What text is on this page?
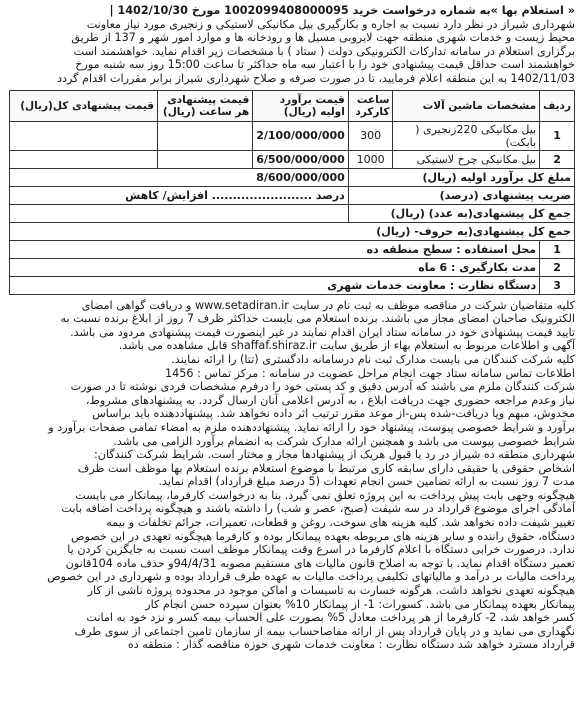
« استعلام بها »به شماره درخواست خرید 1002099408000095 مورخ 1402/10/30 |

شهرداری شیراز در نظر دارد نسبت به اجاره و بکارگیری بیل مکانیکی لاستیکی و زنجیری مورد نیاز معاونت

محیط زیست و خدمات شهری منطقه جهت لایروبی مسیل ها و رودخانه ها و موارد امور شهر و 137 از طریق

برگزاری استعلام در سامانه تدارکات الکترونیکی دولت ( ستاد ) با مشخصات زیر اقدام نماید. خواهشمند است

خواهشمند است حداقل قیمت پیشنهادی خود را با اعتبار سه ماه حداکثر تا ساعت 15:00 روز سه شنبه مورخ

1402/11/03 به این منطقه اعلام فرمایید، تا در صورت صرفه و صلاح شهرداری شیراز برابر مقررات اقدام گردد

ردیف	مشخصات ماشین آلات	ساعت کارکرد	قیمت برآورد اولیه (ریال)	قیمت پیشنهادی هر ساعت (ریال)	قیمت پیشنهادی کل(ریال)
1	بیل مکانیکی 220زنجیری ( بابکت)	300	2/100/000/000		
2	بیل مکانیکی چرخ لاستیکی	1000	6/500/000/000		
مبلغ کل برآورد اولیه (ریال)			8/600/000/000		
ضریب پیشنهادی (درصد)			درصد ........................ افزایش/ کاهش		
جمع کل پیشنهادی(به عدد) (ریال)					
جمع کل پیشنهادی(به حروف- (ریال)					
1	محل استفاده : سطح منطقه ده				
2	مدت بکارگیری : 6 ماه				
3	دستگاه نظارت : معاونت خدمات شهری				

کلیه متقاضیان شرکت در مناقصه موظف به ثبت نام در سایت www.setadiran.ir و دریافت گواهی امضای

الکترونیک صاحبان امضای مجاز می باشند. برنده استعلام می بایست حداکثر ظرف 7 روز از ابلاغ برنده نسبت به

تایید قیمت پیشنهادی خود در سامانه ستاد ایران اقدام نمایند در غیر اینصورت قیمت پیشنهادی مردود می باشد.

آگهی و اطلاعات مربوط به استعلام بهاء از طریق سایت shaffaf.shiraz.ir قابل مشاهده می باشد.

کلیه شرکت کنندگان می بایست مدارک ثبت نام درسامانه دادگستری (تتا) را ارائه نمایند.

اطلاعات تماس سامانه ستاد جهت انجام مراحل عضویت در سامانه : مرکز تماس : 1456

شرکت کنندگان ملزم می باشند که آدرس دقیق و کد پستی خود را درفرم مشخصات فردی نوشته تا در صورت

نیاز وعدم مراجعه حضوری جهت دریافت ابلاغ ، به آدرس اعلامی آنان ارسال گردد. به پیشنهادهای مشروط،

مخدوش، مبهم ویا دریافت-شده پس-از موعد مقرر ترتیب اثر داده نخواهد شد. پیشنهاددهنده باید براساس

برآورد و شرایط خصوصی پیوست، پیشنهاد خود را ارائه نماید. پیشنهاددهنده ملزم به امضاء تمامی صفحات برآورد و

شرایط خصوصی پیوست می باشد و همچنین ارائه مدارک شرکت به انضمام برآورد الزامی می باشد.

شهرداری منطقه ده شیراز در رد یا قبول هریک از پیشنهادها مجاز و مختار است. شرایط شرکت کنندگان:

اشخاص حقوقی یا حقیقی دارای سابقه کاری مرتبط با موضوع استعلام برنده استعلام بها موظف است ظرف

مدت 7 روز نسبت به ارائه تضامین حسن انجام تعهدات (5 درصد مبلغ قرارداد) اقدام نماید.

هیچگونه وجهی بابت پیش پرداخت به این پروژه تعلق نمی گیرد. بنا به درخواست کارفرما، پیمانکار می بایست

آمادگی اجرای موضوع قرارداد در سه شیفت (صبح، عصر و شب) را داشته باشند و هیچگونه پرداخت اضافه بابت

تغییر شیفت داده نخواهد شد. کلیه هزینه های سوخت، روغن و قطعات، تعمیرات، جرائم تخلفات و بیمه

دستگاه، حقوق راننده و سایر هزینه های مربوطه بعهده پیمانکار بوده و کارفرما هیچگونه تعهدی در این خصوص

ندارد. درصورت خرابی دستگاه با اعلام کارفرما در اسرع وقت پیمانکار موظف است نسبت به جایگزین کردن یا

تعمیر دستگاه اقدام نماید. با توجه به اصلاح قانون مالیات های مستقیم مصوبه 94/4/31و حذف ماده 104قانون

پرداخت مالیات بر درآمد و مالیاتهای تکلیفی پرداخت مالیات به عهده طرف قرارداد بوده و شهرداری در این خصوص

هیچگونه تعهدی نخواهد داشت. هرگونه خسارت به تاسیسات و اماکن موجود در محدوده پروژه ناشی از کار

پیمانکار بعهده پیمانکار می باشد. کسورات: 1- از پیمانکار 10% بعنوان سپرده حسن انجام کار

کسر خواهد شد، 2- کارفرما از هر پرداخت معادل 5% بصورت علی الحساب بیمه کسر و نزد خود به امانت

نگهداری می نماید و در پایان قرارداد پس از ارائه مفاصاحساب بیمه از سازمان تامین اجتماعی از سوی طرف

قرارداد مسترد خواهد شد دستگاه نظارت : معاونت خدمات شهری حوزه مناقصه گذار : منطقه ده
